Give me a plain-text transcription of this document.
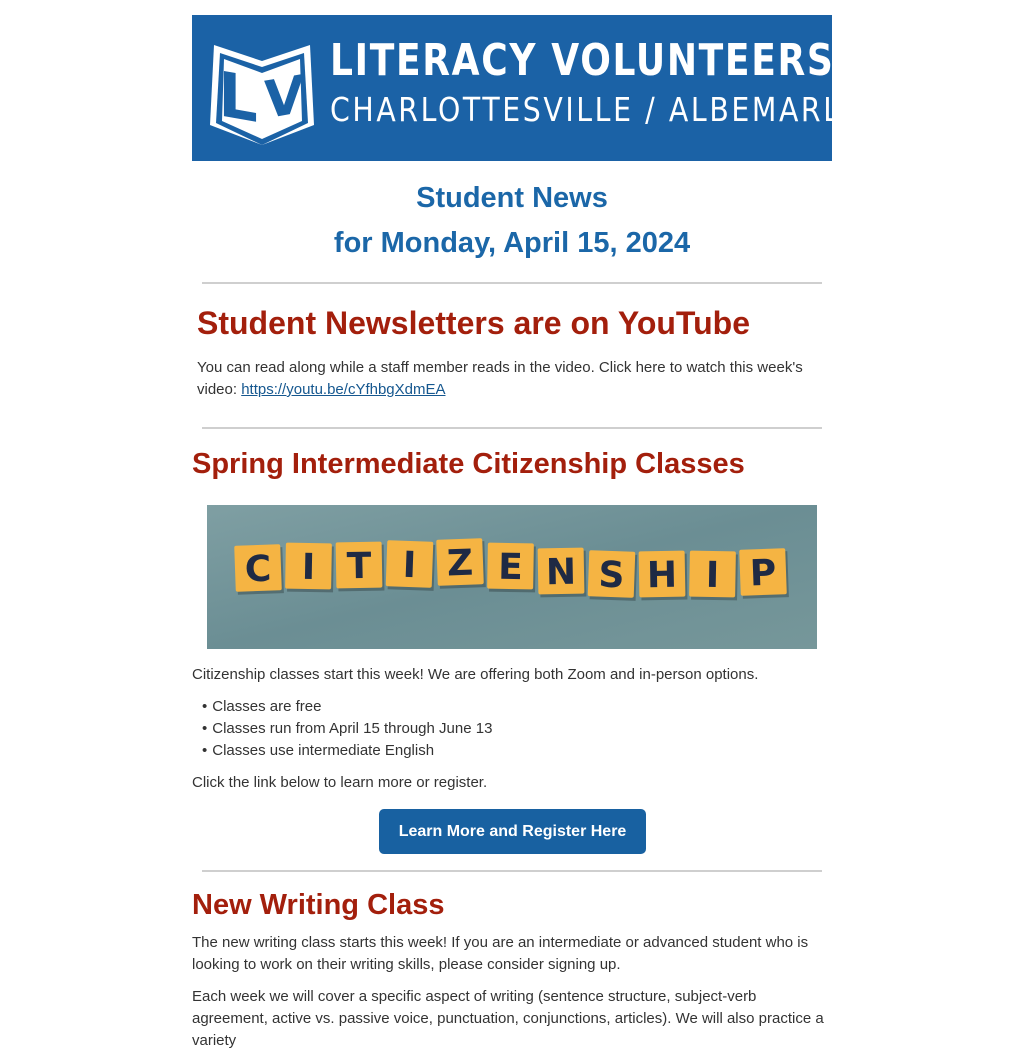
L V
LITERACY VOLUNTEERS
CHARLOTTESVILLE / ALBEMARLE
Student News
for Monday, April 15, 2024
Student Newsletters are on YouTube

You can read along while a staff member reads in the video. Click here to watch this week's video: https://youtu.be/cYfhbgXdmEA

Spring Intermediate Citizenship Classes
C I T I Z E N S H I P

Citizenship classes start this week! We are offering both Zoom and in-person options.

• Classes are free
• Classes run from April 15 through June 13
• Classes use intermediate English

Click the link below to learn more or register.

Learn More and Register Here
New Writing Class

The new writing class starts this week! If you are an intermediate or advanced student who is looking to work on their writing skills, please consider signing up.

Each week we will cover a specific aspect of writing (sentence structure, subject-verb agreement, active vs. passive voice, punctuation, conjunctions, articles). We will also practice a variety
